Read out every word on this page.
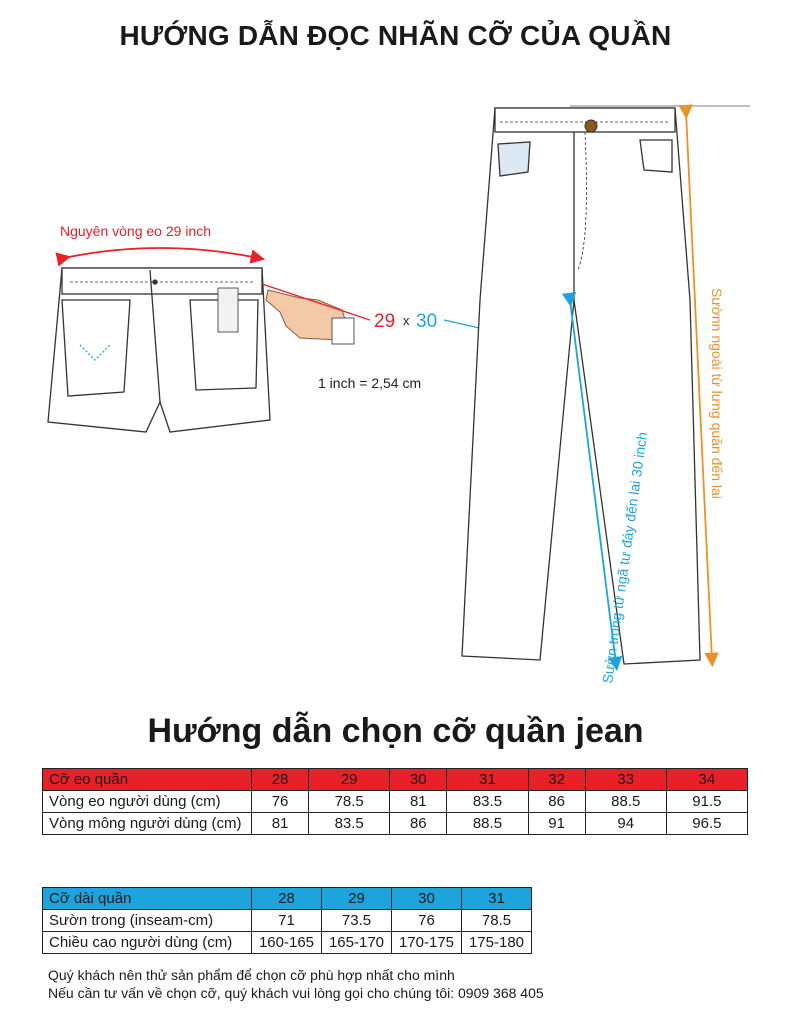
HƯỚNG DẪN ĐỌC NHÃN CỠ CỦA QUẦN
Nguyên vòng eo 29 inch
29 x 30
1 inch = 2,54 cm
Sườn trong từ ngã tư đáy đến lai 30 inch
Sườnn ngoài từ lưng quần đến lai
Hướng dẫn chọn cỡ quần jean
Cỡ eo quần	28	29	30	31	32	33	34
Vòng eo người dùng (cm)	76	78.5	81	83.5	86	88.5	91.5
Vòng mông người dùng (cm)	81	83.5	86	88.5	91	94	96.5
Cỡ dài quần	28	29	30	31
Sườn trong (inseam-cm)	71	73.5	76	78.5
Chiều cao người dùng (cm)	160-165	165-170	170-175	175-180
Quý khách nên thử sản phẩm để chọn cỡ phù hợp nhất cho mình
Nếu cần tư vấn về chọn cỡ, quý khách vui lòng gọi cho chúng tôi: 0909 368 405
